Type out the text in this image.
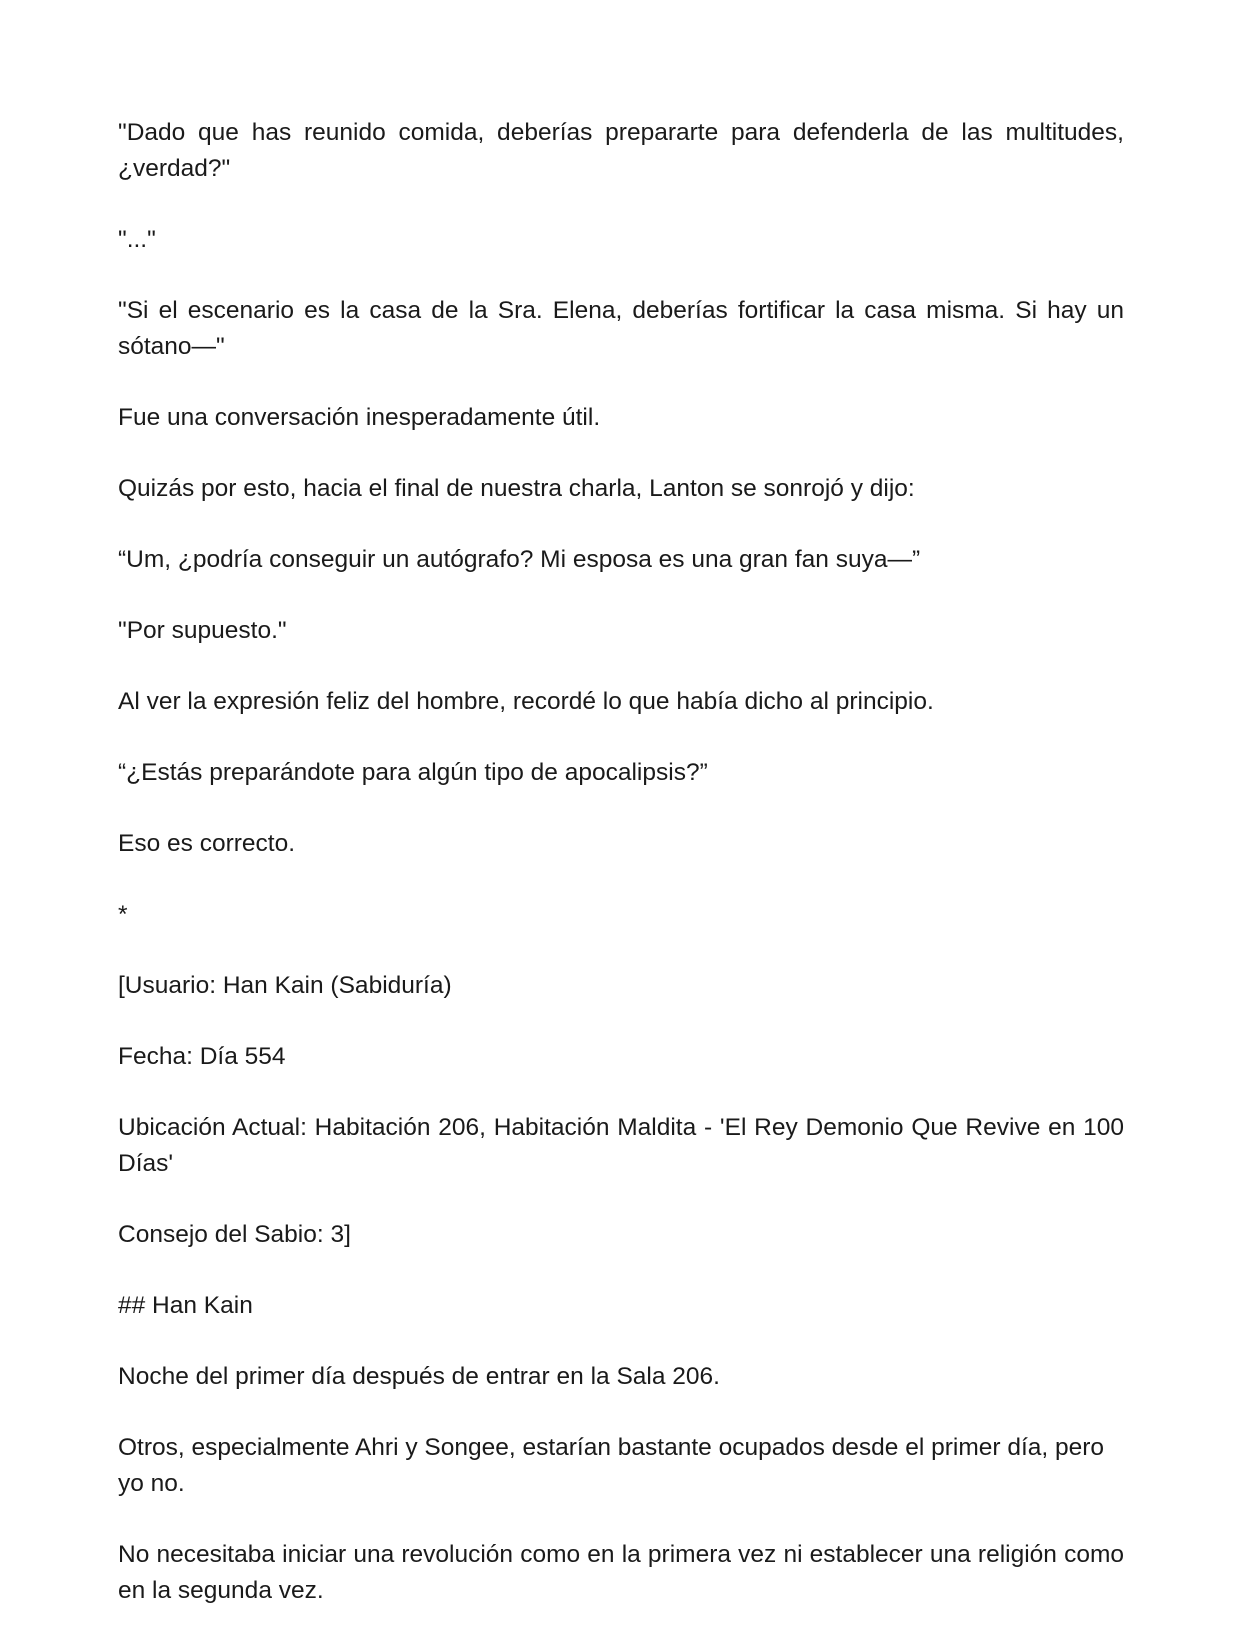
"Dado que has reunido comida, deberías prepararte para defenderla de las multitudes, ¿verdad?"

"..."

"Si el escenario es la casa de la Sra. Elena, deberías fortificar la casa misma. Si hay un sótano—"

Fue una conversación inesperadamente útil.

Quizás por esto, hacia el final de nuestra charla, Lanton se sonrojó y dijo:

“Um, ¿podría conseguir un autógrafo? Mi esposa es una gran fan suya—”

"Por supuesto."

Al ver la expresión feliz del hombre, recordé lo que había dicho al principio.

“¿Estás preparándote para algún tipo de apocalipsis?”

Eso es correcto.

*

[Usuario: Han Kain (Sabiduría)

Fecha: Día 554

Ubicación Actual: Habitación 206, Habitación Maldita - 'El Rey Demonio Que Revive en 100 Días'

Consejo del Sabio: 3]

## Han Kain

Noche del primer día después de entrar en la Sala 206.

Otros, especialmente Ahri y Songee, estarían bastante ocupados desde el primer día, pero yo no.

No necesitaba iniciar una revolución como en la primera vez ni establecer una religión como en la segunda vez.
